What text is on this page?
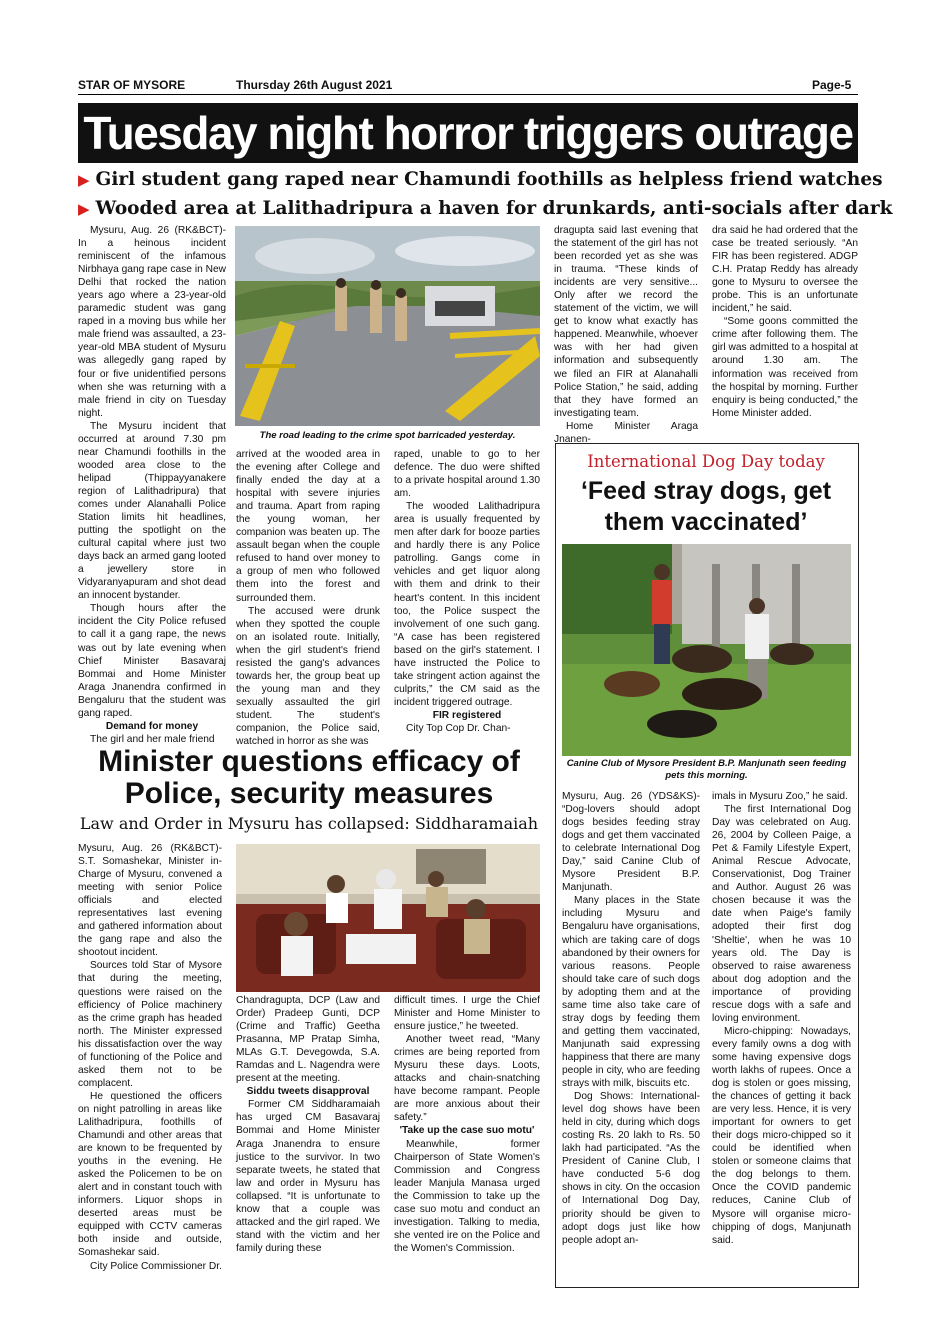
STAR OF MYSORE	Thursday 26th August 2021	Page-5
Tuesday night horror triggers outrage
▶ Girl student gang raped near Chamundi foothills as helpless friend watches
▶ Wooded area at Lalithadripura a haven for drunkards, anti-socials after dark

Mysuru, Aug. 26 (RK&BCT)- In a heinous incident reminiscent of the infamous Nirbhaya gang rape case in New Delhi that rocked the nation years ago where a 23-year-old paramedic student was gang raped in a moving bus while her male friend was assaulted, a 23-year-old MBA student of Mysuru was allegedly gang raped by four or five unidentified persons when she was returning with a male friend in city on Tuesday night.

The Mysuru incident that occurred at around 7.30 pm near Chamundi foothills in the wooded area close to the helipad (Thippayyanakere region of Lalithadripura) that comes under Alanahalli Police Station limits hit headlines, putting the spotlight on the cultural capital where just two days back an armed gang looted a jewellery store in Vidyaranyapuram and shot dead an innocent bystander.

Though hours after the incident the City Police refused to call it a gang rape, the news was out by late evening when Chief Minister Basavaraj Bommai and Home Minister Araga Jnanendra confirmed in Bengaluru that the student was gang raped.

Demand for money

The girl and her male friend

The road leading to the crime spot barricaded yesterday.

arrived at the wooded area in the evening after College and finally ended the day at a hospital with severe injuries and trauma. Apart from raping the young woman, her companion was beaten up. The assault began when the couple refused to hand over money to a group of men who followed them into the forest and surrounded them.

The accused were drunk when they spotted the couple on an isolated route. Initially, when the girl student's friend resisted the gang's advances towards her, the group beat up the young man and they sexually assaulted the girl student. The student's companion, the Police said, watched in horror as she was

raped, unable to go to her defence. The duo were shifted to a private hospital around 1.30 am.

The wooded Lalithadripura area is usually frequented by men after dark for booze parties and hardly there is any Police patrolling. Gangs come in vehicles and get liquor along with them and drink to their heart's content. In this incident too, the Police suspect the involvement of one such gang. “A case has been registered based on the girl's statement. I have instructed the Police to take stringent action against the culprits,” the CM said as the incident triggered outrage.

FIR registered

City Top Cop Dr. Chan-

dragupta said last evening that the statement of the girl has not been recorded yet as she was in trauma. “These kinds of incidents are very sensitive... Only after we record the statement of the victim, we will get to know what exactly has happened. Meanwhile, whoever was with her had given information and subsequently we filed an FIR at Alanahalli Police Station,” he said, adding that they have formed an investigating team.

Home Minister Araga Jnanen-

dra said he had ordered that the case be treated seriously. “An FIR has been registered. ADGP C.H. Pratap Reddy has already gone to Mysuru to oversee the probe. This is an unfortunate incident,” he said.

“Some goons committed the crime after following them. The girl was admitted to a hospital at around 1.30 am. The information was received from the hospital by morning. Further enquiry is being conducted,” the Home Minister added.

Minister questions efficacy of Police, security measures
Law and Order in Mysuru has collapsed: Siddharamaiah

Mysuru, Aug. 26 (RK&BCT)- S.T. Somashekar, Minister in-Charge of Mysuru, convened a meeting with senior Police officials and elected representatives last evening and gathered information about the gang rape and also the shootout incident.

Sources told Star of Mysore that during the meeting, questions were raised on the efficiency of Police machinery as the crime graph has headed north. The Minister expressed his dissatisfaction over the way of functioning of the Police and asked them not to be complacent.

He questioned the officers on night patrolling in areas like Lalithadripura, foothills of Chamundi and other areas that are known to be frequented by youths in the evening. He asked the Policemen to be on alert and in constant touch with informers. Liquor shops in deserted areas must be equipped with CCTV cameras both inside and outside, Somashekar said.

City Police Commissioner Dr.

Chandragupta, DCP (Law and Order) Pradeep Gunti, DCP (Crime and Traffic) Geetha Prasanna, MP Pratap Simha, MLAs G.T. Devegowda, S.A. Ramdas and L. Nagendra were present at the meeting.

Siddu tweets disapproval

Former CM Siddharamaiah has urged CM Basavaraj Bommai and Home Minister Araga Jnanendra to ensure justice to the survivor. In two separate tweets, he stated that law and order in Mysuru has collapsed. “It is unfortunate to know that a couple was attacked and the girl raped. We stand with the victim and her family during these

difficult times. I urge the Chief Minister and Home Minister to ensure justice,” he tweeted.

Another tweet read, “Many crimes are being reported from Mysuru these days. Loots, attacks and chain-snatching have become rampant. People are more anxious about their safety.”

'Take up the case suo motu'

Meanwhile, former Chairperson of State Women's Commission and Congress leader Manjula Manasa urged the Commission to take up the case suo motu and conduct an investigation. Talking to media, she vented ire on the Police and the Women's Commission.

International Dog Day today
‘Feed stray dogs, get them vaccinated’
Canine Club of Mysore President B.P. Manjunath seen feeding pets this morning.

Mysuru, Aug. 26 (YDS&KS)- “Dog-lovers should adopt dogs besides feeding stray dogs and get them vaccinated to celebrate International Dog Day,” said Canine Club of Mysore President B.P. Manjunath.

Many places in the State including Mysuru and Bengaluru have organisations, which are taking care of dogs abandoned by their owners for various reasons. People should take care of such dogs by adopting them and at the same time also take care of stray dogs by feeding them and getting them vaccinated, Manjunath said expressing happiness that there are many people in city, who are feeding strays with milk, biscuits etc.

Dog Shows: International-level dog shows have been held in city, during which dogs costing Rs. 20 lakh to Rs. 50 lakh had participated. “As the President of Canine Club, I have conducted 5-6 dog shows in city. On the occasion of International Dog Day, priority should be given to adopt dogs just like how people adopt an-

imals in Mysuru Zoo,” he said.

The first International Dog Day was celebrated on Aug. 26, 2004 by Colleen Paige, a Pet & Family Lifestyle Expert, Animal Rescue Advocate, Conservationist, Dog Trainer and Author. August 26 was chosen because it was the date when Paige's family adopted their first dog 'Sheltie', when he was 10 years old. The Day is observed to raise awareness about dog adoption and the importance of providing rescue dogs with a safe and loving environment.

Micro-chipping: Nowadays, every family owns a dog with some having expensive dogs worth lakhs of rupees. Once a dog is stolen or goes missing, the chances of getting it back are very less. Hence, it is very important for owners to get their dogs micro-chipped so it could be identified when stolen or someone claims that the dog belongs to them. Once the COVID pandemic reduces, Canine Club of Mysore will organise micro-chipping of dogs, Manjunath said.
